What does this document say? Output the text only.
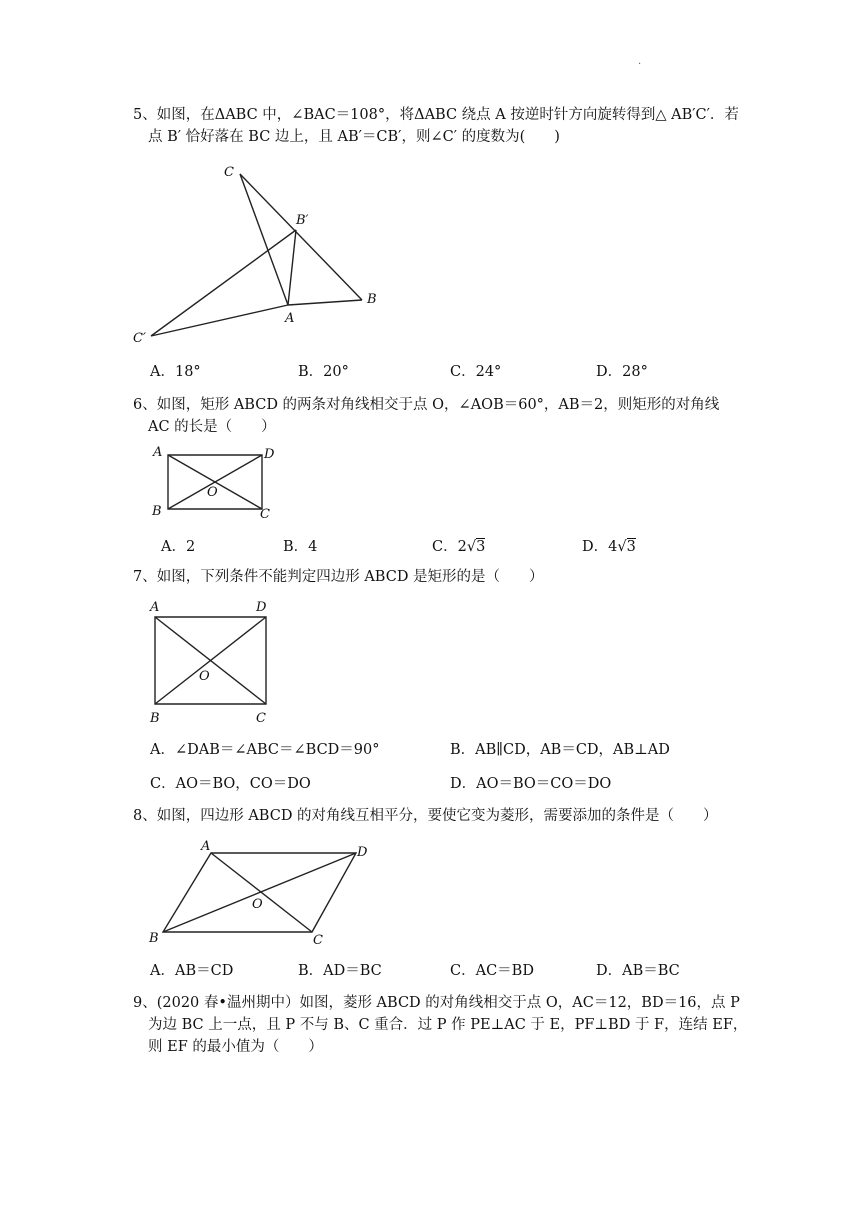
.
5、如图，在ΔABC 中，∠BAC＝108°，将ΔABC 绕点 A 按逆时针方向旋转得到△ AB′C′．若
点 B′ 恰好落在 BC 边上，且 AB′＝CB′，则∠C′ 的度数为(　　)
C
B′
B
A
C′
A．18°	B．20°	C．24°	D．28°
6、如图，矩形 ABCD 的两条对角线相交于点 O，∠AOB＝60°，AB＝2，则矩形的对角线
AC 的长是（　　）
A	D
B	C
O
A．2	B．4	C．2√3	D．4√3
7、如图，下列条件不能判定四边形 ABCD 是矩形的是（　　）
A	D
B	C
O
A．∠DAB＝∠ABC＝∠BCD＝90°	B．AB∥CD，AB＝CD，AB⊥AD
C．AO＝BO，CO＝DO	D．AO＝BO＝CO＝DO
8、如图，四边形 ABCD 的对角线互相平分，要使它变为菱形，需要添加的条件是（　　）
A	D
B	C
O
A．AB＝CD	B．AD＝BC	C．AC＝BD	D．AB＝BC
9、(2020 春•温州期中）如图，菱形 ABCD 的对角线相交于点 O，AC＝12，BD＝16，点 P
为边 BC 上一点，且 P 不与 B、C 重合．过 P 作 PE⊥AC 于 E，PF⊥BD 于 F，连结 EF，
则 EF 的最小值为（　　）
